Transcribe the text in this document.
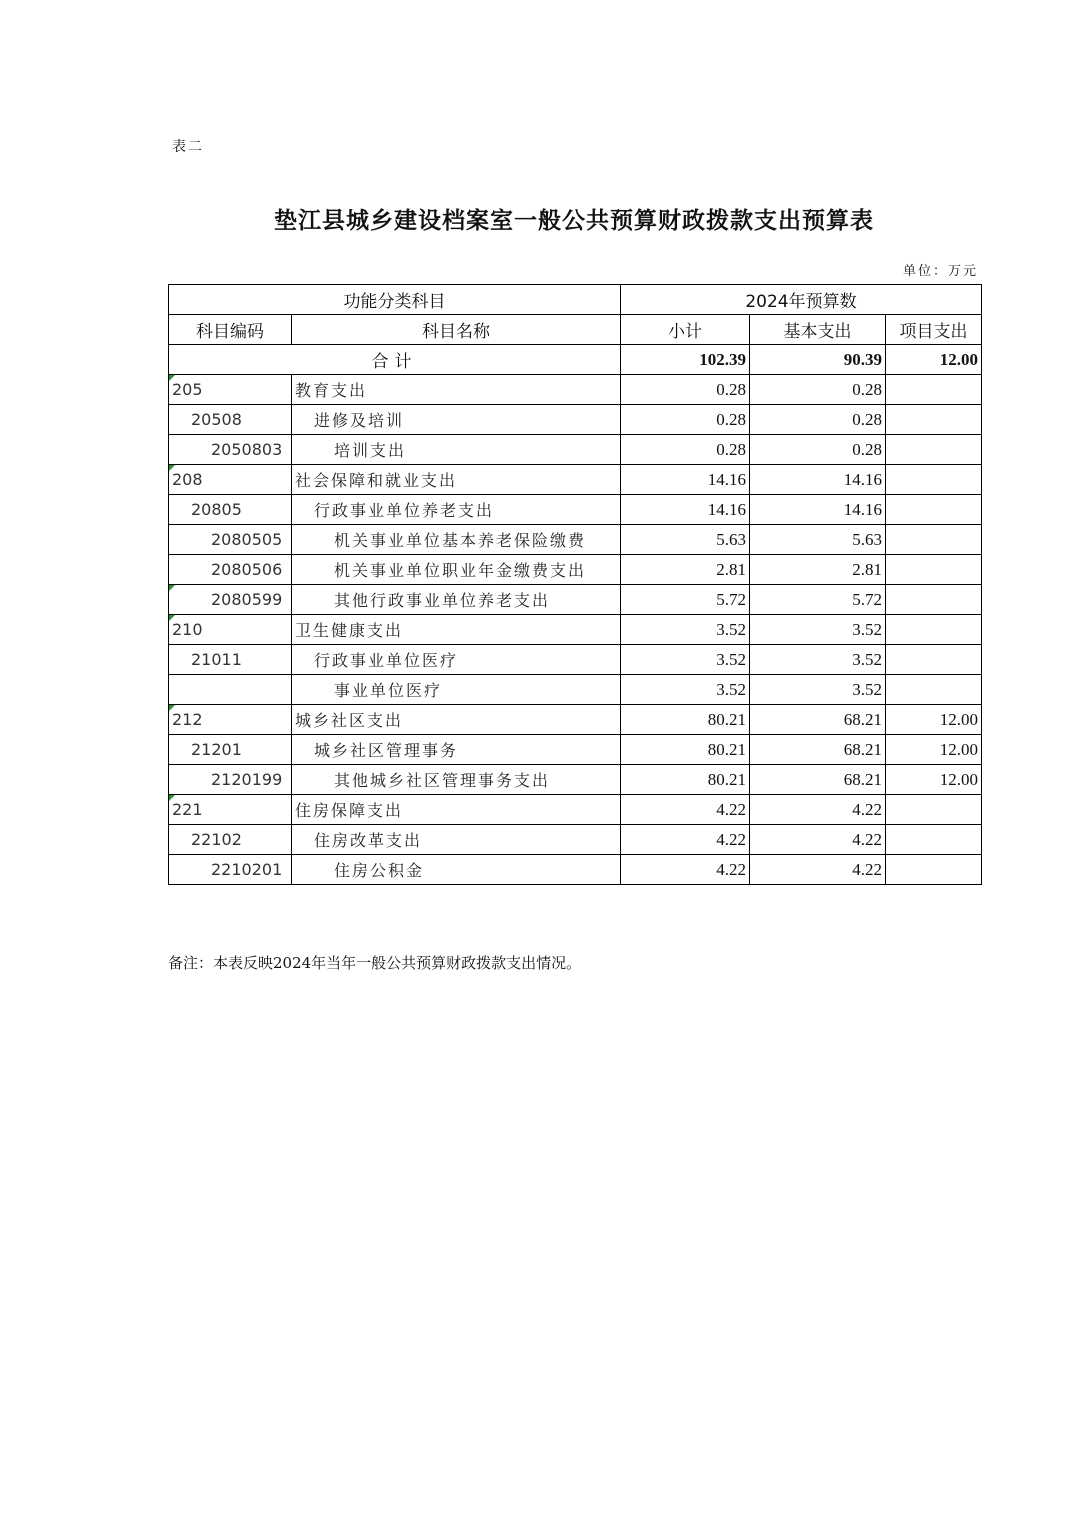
表二
垫江县城乡建设档案室一般公共预算财政拨款支出预算表
单位：万元
功能分类科目		2024年预算数		
科目编码	科目名称	小计	基本支出	项目支出
合计		102.39	90.39	12.00

205	教育支出	0.28	0.28	
20508	进修及培训	0.28	0.28	
2050803	培训支出	0.28	0.28	

208	社会保障和就业支出	14.16	14.16	
20805	行政事业单位养老支出	14.16	14.16	
2080505	机关事业单位基本养老保险缴费	5.63	5.63	
2080506	机关事业单位职业年金缴费支出	2.81	2.81	

2080599	其他行政事业单位养老支出	5.72	5.72	

210	卫生健康支出	3.52	3.52	
21011	行政事业单位医疗	3.52	3.52	
	事业单位医疗	3.52	3.52	

212	城乡社区支出	80.21	68.21	12.00
21201	城乡社区管理事务	80.21	68.21	12.00
2120199	其他城乡社区管理事务支出	80.21	68.21	12.00

221	住房保障支出	4.22	4.22	
22102	住房改革支出	4.22	4.22	
2210201	住房公积金	4.22	4.22	
备注：本表反映2024年当年一般公共预算财政拨款支出情况。
